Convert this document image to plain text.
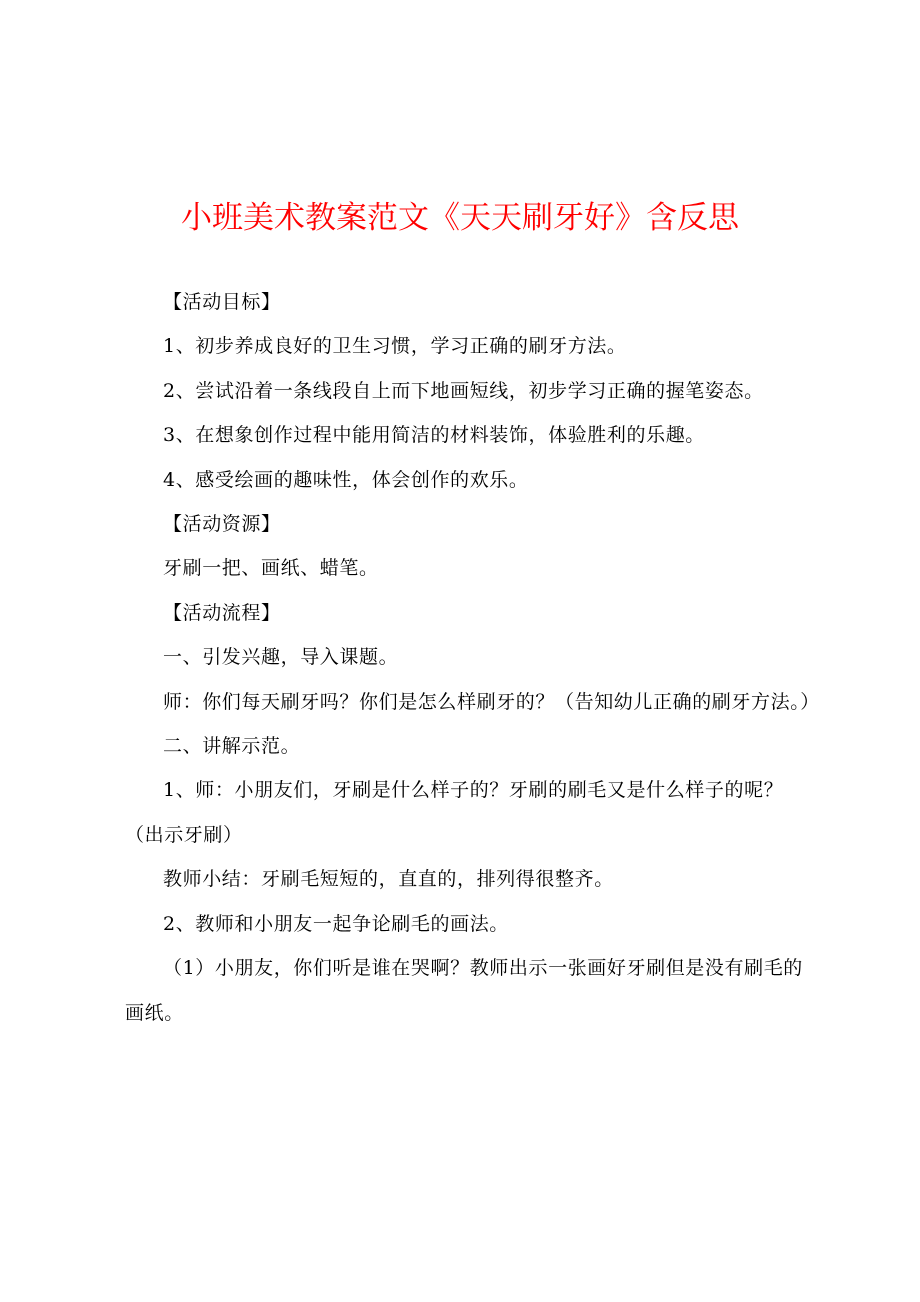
小班美术教案范文《天天刷牙好》含反思

【活动目标】

1、初步养成良好的卫生习惯，学习正确的刷牙方法。

2、尝试沿着一条线段自上而下地画短线，初步学习正确的握笔姿态。

3、在想象创作过程中能用简洁的材料装饰，体验胜利的乐趣。

4、感受绘画的趣味性，体会创作的欢乐。

【活动资源】

牙刷一把、画纸、蜡笔。

【活动流程】

一、引发兴趣，导入课题。

师：你们每天刷牙吗？你们是怎么样刷牙的？（告知幼儿正确的刷牙方法。）

二、讲解示范。

1、师：小朋友们，牙刷是什么样子的？牙刷的刷毛又是什么样子的呢？（出示牙刷）

教师小结：牙刷毛短短的，直直的，排列得很整齐。

2、教师和小朋友一起争论刷毛的画法。

（1）小朋友，你们听是谁在哭啊？教师出示一张画好牙刷但是没有刷毛的画纸。
